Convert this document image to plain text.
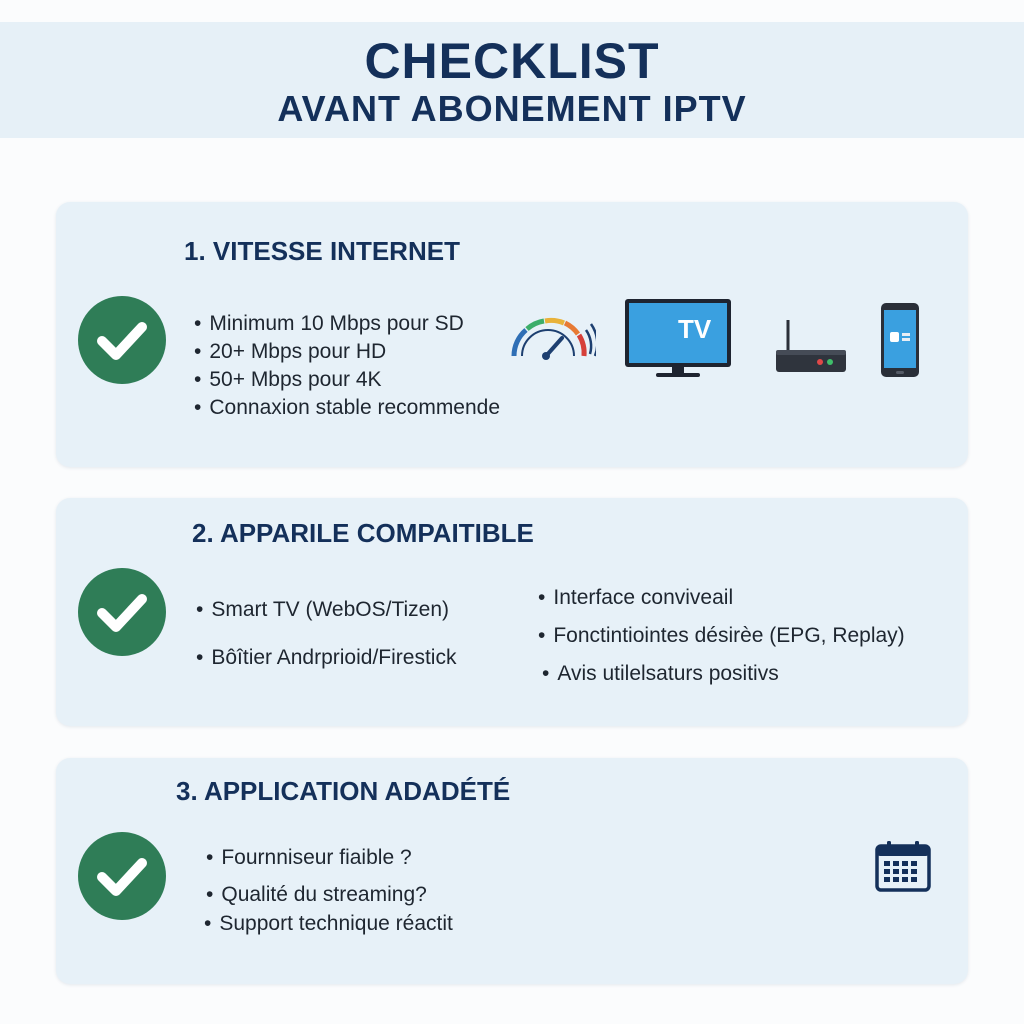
CHECKLIST
AVANT ABONEMENT IPTV
1. VITESSE INTERNET
• Minimum 10 Mbps pour SD
• 20+ Mbps pour HD
• 50+ Mbps pour 4K
• Connaxion stable recommende
TV
2. APPARILE COMPAITIBLE
• Smart TV (WebOS/Tizen)
• Bôîtier Andrprioid/Firestick
• Interface conviveail
• Fonctintiointes désirèe (EPG, Replay)
• Avis utilelsaturs positivs
3. APPLICATION ADADÉTÉ
• Fournniseur fiaible ?
• Qualité du streaming?
• Support technique réactit
